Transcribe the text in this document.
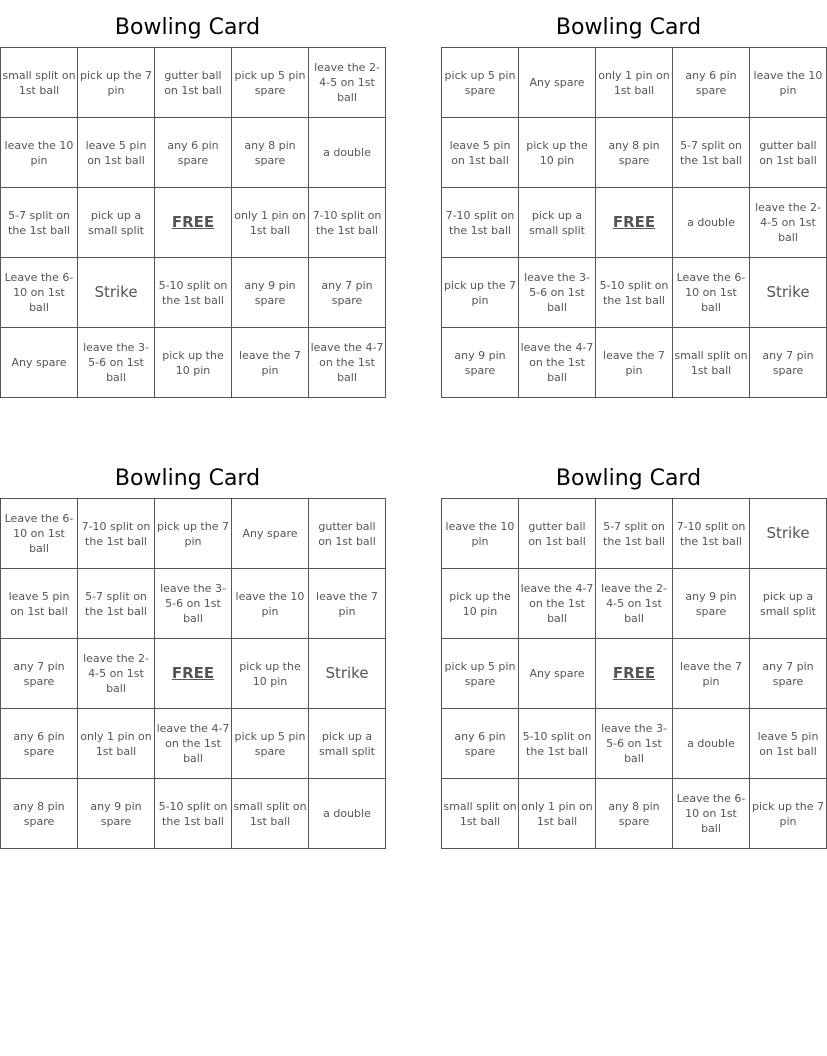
Bowling Card
small split on 1st ball	pick up the 7 pin	gutter ball on 1st ball	pick up 5 pin spare	leave the 2-4-5 on 1st ball
leave the 10 pin	leave 5 pin on 1st ball	any 6 pin spare	any 8 pin spare	a double
5-7 split on the 1st ball	pick up a small split	FREE	only 1 pin on 1st ball	7-10 split on the 1st ball
Leave the 6-10 on 1st ball	Strike	5-10 split on the 1st ball	any 9 pin spare	any 7 pin spare
Any spare	leave the 3-5-6 on 1st ball	pick up the 10 pin	leave the 7 pin	leave the 4-7 on the 1st ball
Bowling Card
pick up 5 pin spare	Any spare	only 1 pin on 1st ball	any 6 pin spare	leave the 10 pin
leave 5 pin on 1st ball	pick up the 10 pin	any 8 pin spare	5-7 split on the 1st ball	gutter ball on 1st ball
7-10 split on the 1st ball	pick up a small split	FREE	a double	leave the 2-4-5 on 1st ball
pick up the 7 pin	leave the 3-5-6 on 1st ball	5-10 split on the 1st ball	Leave the 6-10 on 1st ball	Strike
any 9 pin spare	leave the 4-7 on the 1st ball	leave the 7 pin	small split on 1st ball	any 7 pin spare
Bowling Card
Leave the 6-10 on 1st ball	7-10 split on the 1st ball	pick up the 7 pin	Any spare	gutter ball on 1st ball
leave 5 pin on 1st ball	5-7 split on the 1st ball	leave the 3-5-6 on 1st ball	leave the 10 pin	leave the 7 pin
any 7 pin spare	leave the 2-4-5 on 1st ball	FREE	pick up the 10 pin	Strike
any 6 pin spare	only 1 pin on 1st ball	leave the 4-7 on the 1st ball	pick up 5 pin spare	pick up a small split
any 8 pin spare	any 9 pin spare	5-10 split on the 1st ball	small split on 1st ball	a double
Bowling Card
leave the 10 pin	gutter ball on 1st ball	5-7 split on the 1st ball	7-10 split on the 1st ball	Strike
pick up the 10 pin	leave the 4-7 on the 1st ball	leave the 2-4-5 on 1st ball	any 9 pin spare	pick up a small split
pick up 5 pin spare	Any spare	FREE	leave the 7 pin	any 7 pin spare
any 6 pin spare	5-10 split on the 1st ball	leave the 3-5-6 on 1st ball	a double	leave 5 pin on 1st ball
small split on 1st ball	only 1 pin on 1st ball	any 8 pin spare	Leave the 6-10 on 1st ball	pick up the 7 pin
